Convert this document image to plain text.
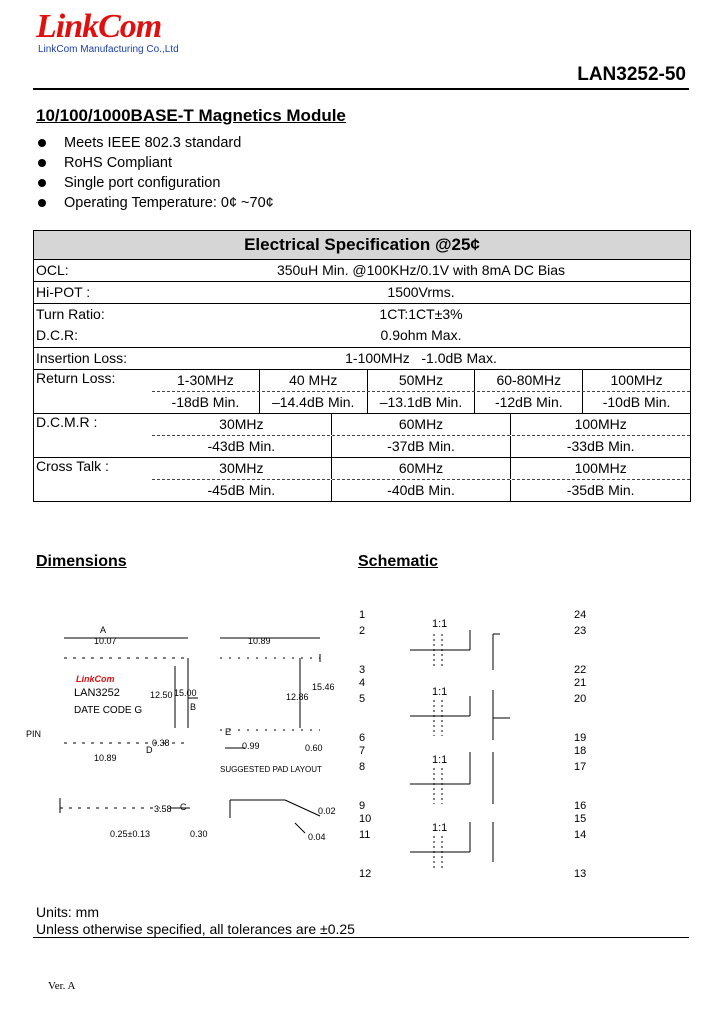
LinkCom
LinkCom Manufacturing Co.,Ltd
LAN3252-50
10/100/1000BASE-T Magnetics Module
Meets IEEE 802.3 standard
RoHS Compliant
Single port configuration
Operating Temperature: 0¢ ~70¢
Electrical Specification @25¢
OCL:	350uH Min. @100KHz/0.1V with 8mA DC Bias
Hi-POT :	1500Vrms.
Turn Ratio:	1CT:1CT±3%
D.C.R:	0.9ohm Max.
Insertion Loss:	1-100MHz   -1.0dB Max.
Return Loss:	1-30MHz	40 MHz	50MHz	60-80MHz	100MHz
-18dB Min.	–14.4dB Min.	–13.1dB Min.	-12dB Min.	-10dB Min.
D.C.M.R :	30MHz	60MHz	100MHz
-43dB Min.	-37dB Min.	-33dB Min.
Cross Talk :	30MHz	60MHz	100MHz
-45dB Min.	-40dB Min.	-35dB Min.
Dimensions	Schematic
A
10.07	10.89
15.46
12.86
12.50 15.00
B
LinkCom
LAN3252
DATE CODE G
PIN
D
0.38
10.89
E
0.99	0.60
SUGGESTED PAD LAYOUT
3.58 C
0.25±0.13	0.30	0.04
0.02
1
2
3
4
5
6
7
8
9
10
11
12
24
23
22
21
20
19
18
17
16
15
14
13
1:1
1:1
1:1
1:1
Units: mm
Unless otherwise specified, all tolerances are ±0.25
Ver. A
